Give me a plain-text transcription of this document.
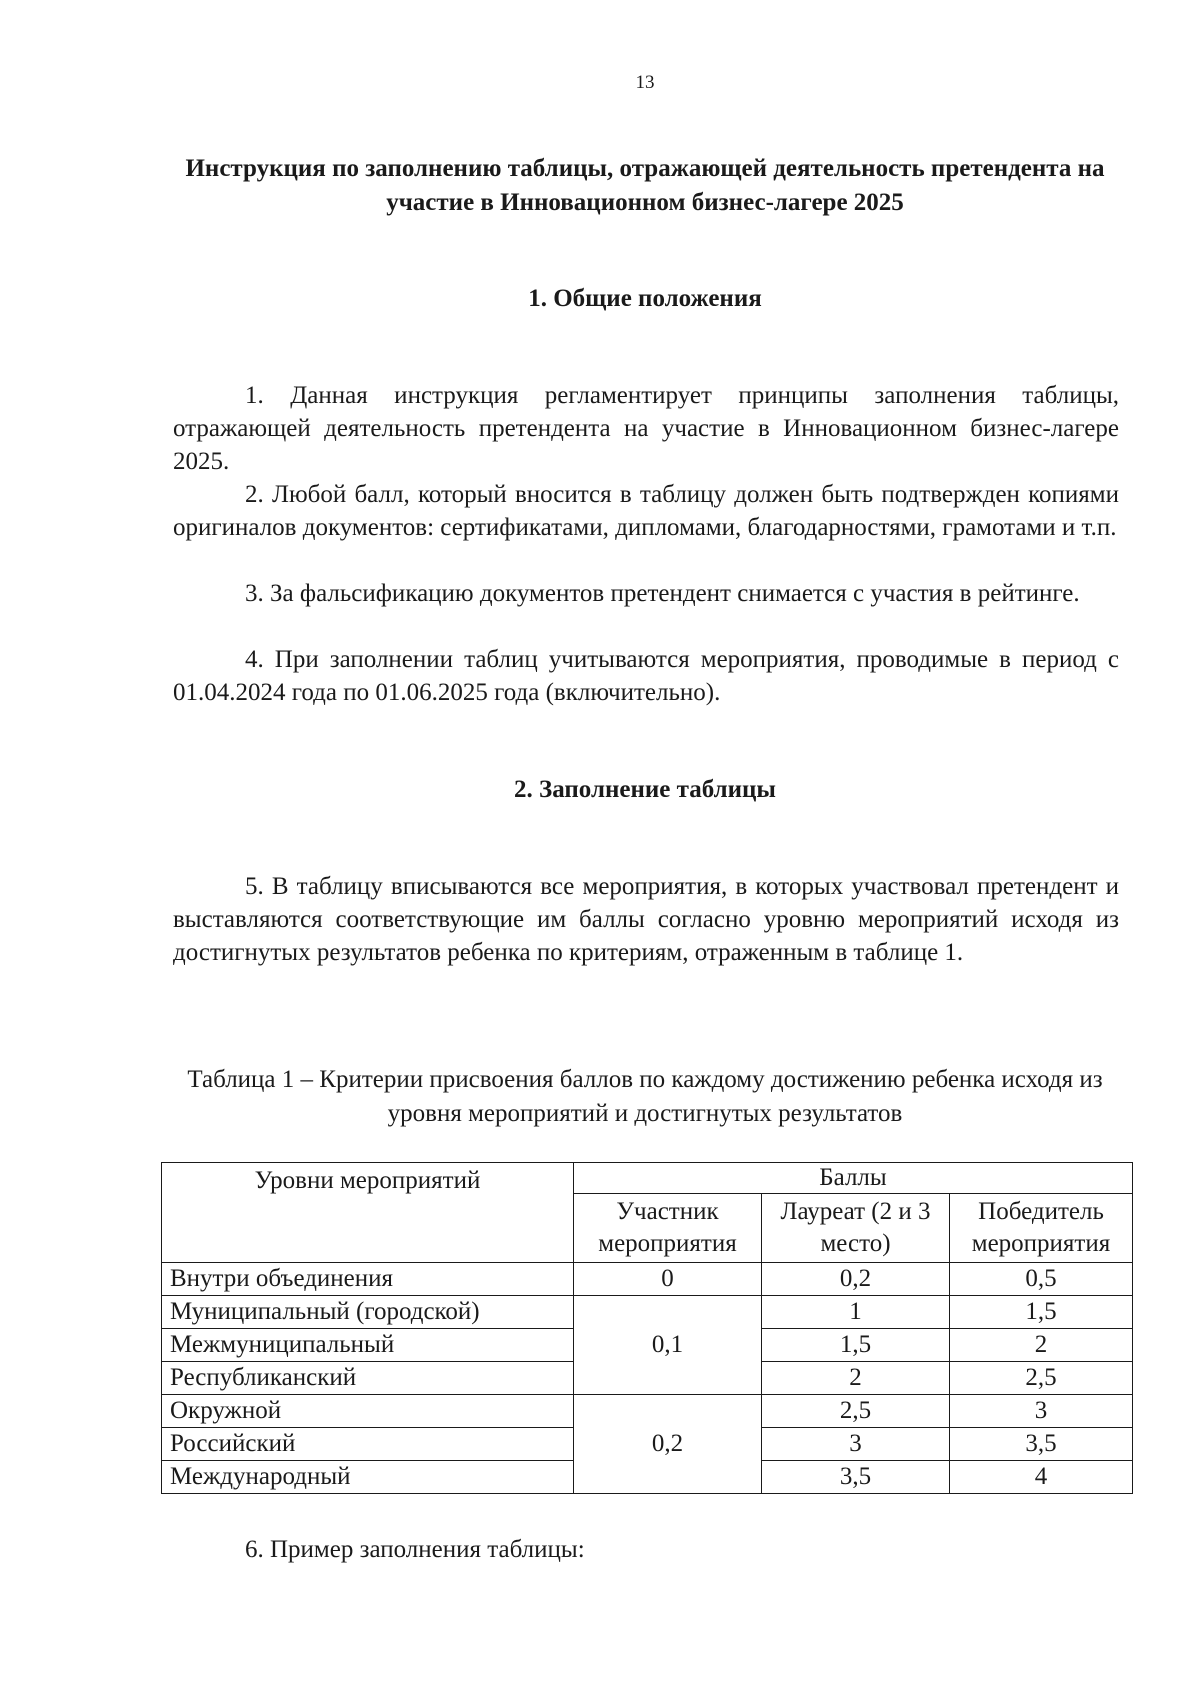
13
Инструкция по заполнению таблицы, отражающей деятельность претендента на участие в Инновационном бизнес-лагере 2025
1. Общие положения

1. Данная инструкция регламентирует принципы заполнения таблицы, отражающей деятельность претендента на участие в Инновационном бизнес-лагере 2025.

2. Любой балл, который вносится в таблицу должен быть подтвержден копиями оригиналов документов: сертификатами, дипломами, благодарностями, грамотами и т.п.

3. За фальсификацию документов претендент снимается с участия в рейтинге.

4. При заполнении таблиц учитываются мероприятия, проводимые в период с 01.04.2024 года по 01.06.2025 года (включительно).

2. Заполнение таблицы

5. В таблицу вписываются все мероприятия, в которых участвовал претендент и выставляются соответствующие им баллы согласно уровню мероприятий исходя из достигнутых результатов ребенка по критериям, отраженным в таблице 1.

Таблица 1 – Критерии присвоения баллов по каждому достижению ребенка исходя из уровня мероприятий и достигнутых результатов
Уровни мероприятий	Баллы		
	Участник мероприятия	Лауреат (2 и 3 место)	Победитель мероприятия
Внутри объединения	0	0,2	0,5
Муниципальный (городской)	0,1	1	1,5
Межмуниципальный		1,5	2
Республиканский		2	2,5
Окружной	0,2	2,5	3
Российский		3	3,5
Международный		3,5	4
6. Пример заполнения таблицы:
